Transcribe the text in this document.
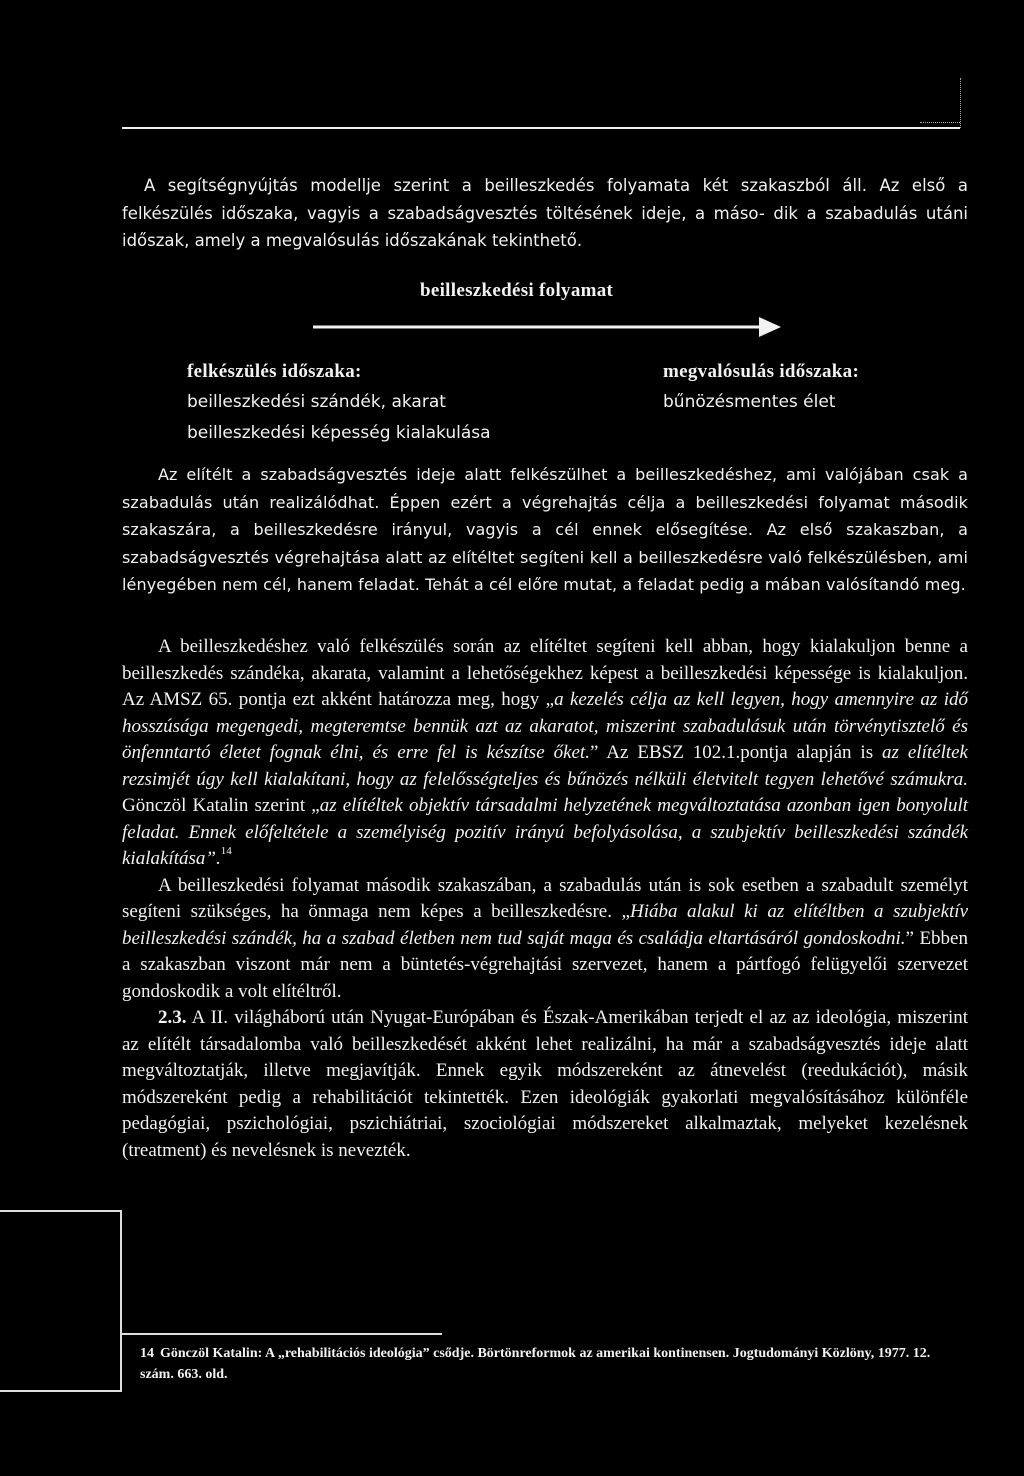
A segítségnyújtás modellje szerint a beilleszkedés folyamata két szakaszból áll. Az első a felkészülés időszaka, vagyis a szabadságvesztés töltésének ideje, a máso- dik a szabadulás utáni időszak, amely a megvalósulás időszakának tekinthető.

beilleszkedési folyamat
felkészülés időszaka:
beilleszkedési szándék, akarat
beilleszkedési képesség kialakulása
megvalósulás időszaka:
bűnözésmentes élet

Az elítélt a szabadságvesztés ideje alatt felkészülhet a beilleszkedéshez, ami valójában csak a szabadulás után realizálódhat. Éppen ezért a végrehajtás célja a beilleszkedési folyamat második szakaszára, a beilleszkedésre irányul, vagyis a cél ennek elősegítése. Az első szakaszban, a szabadságvesztés végrehajtása alatt az elítéltet segíteni kell a beilleszkedésre való felkészülésben, ami lényegében nem cél, hanem feladat. Tehát a cél előre mutat, a feladat pedig a mában valósítandó meg.

A beilleszkedéshez való felkészülés során az elítéltet segíteni kell abban, hogy kialakuljon benne a beilleszkedés szándéka, akarata, valamint a lehetőségekhez képest a beilleszkedési képessége is kialakuljon. Az AMSZ 65. pontja ezt akként határozza meg, hogy „a kezelés célja az kell legyen, hogy amennyire az idő hosszúsága megengedi, megteremtse bennük azt az akaratot, miszerint szabadulásuk után törvénytisztelő és önfenntartó életet fognak élni, és erre fel is készítse őket.” Az EBSZ 102.1.pontja alapján is az elítéltek rezsimjét úgy kell kialakítani, hogy az felelősségteljes és bűnözés nélküli életvitelt tegyen lehetővé számukra. Gönczöl Katalin szerint „az elítéltek objektív társadalmi helyzetének megváltoztatása azonban igen bonyolult feladat. Ennek előfeltétele a személyiség pozitív irányú befolyásolása, a szubjektív beilleszkedési szándék kialakítása”.$^{14}$

A beilleszkedési folyamat második szakaszában, a szabadulás után is sok esetben a szabadult személyt segíteni szükséges, ha önmaga nem képes a beilleszkedésre. „Hiába alakul ki az elítéltben a szubjektív beilleszkedési szándék, ha a szabad életben nem tud saját maga és családja eltartásáról gondoskodni.” Ebben a szakaszban viszont már nem a büntetés-végrehajtási szervezet, hanem a pártfogó felügyelői szervezet gondoskodik a volt elítéltről.

2.3. A II. világháború után Nyugat-Európában és Észak-Amerikában terjedt el az az ideológia, miszerint az elítélt társadalomba való beilleszkedését akként lehet realizálni, ha már a szabadságvesztés ideje alatt megváltoztatják, illetve megjavítják. Ennek egyik módszereként az átnevelést (reedukációt), másik módszereként pedig a rehabilitációt tekintették. Ezen ideológiák gyakorlati megvalósításához különféle pedagógiai, pszichológiai, pszichiátriai, szociológiai módszereket alkalmaztak, melyeket kezelésnek (treatment) és nevelésnek is nevezték.

14 Gönczöl Katalin: A „rehabilitációs ideológia” csődje. Börtönreformok az amerikai kontinensen. Jogtudományi Közlöny, 1977. 12. szám. 663. old.
